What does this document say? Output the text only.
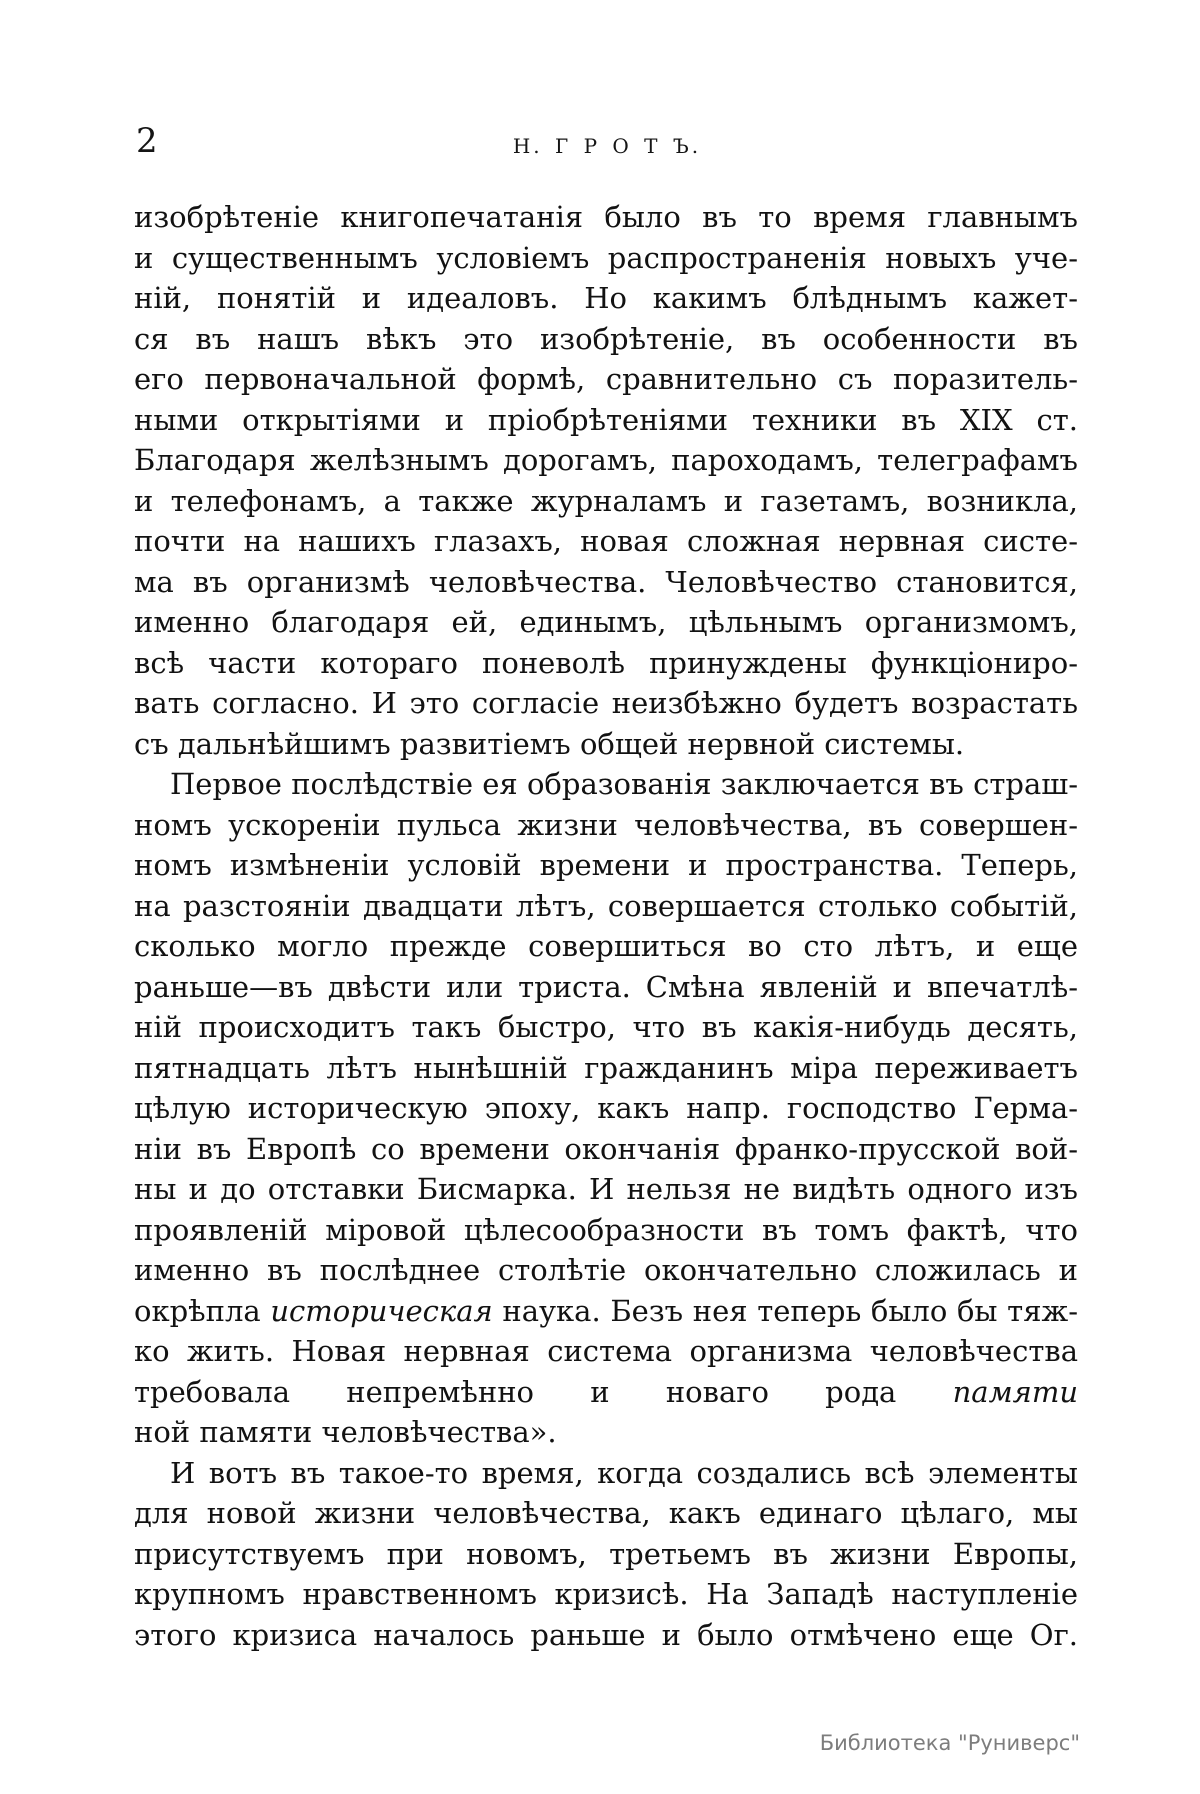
2	Н. Г Р О Т Ъ.
изобрѣтеніе книгопечатанія было въ то время главнымъ
и существеннымъ условіемъ распространенія новыхъ уче-
ній, понятій и идеаловъ. Но какимъ блѣднымъ кажет-
ся въ нашъ вѣкъ это изобрѣтеніе, въ особенности въ
его первоначальной формѣ, сравнительно съ поразитель-
ными открытіями и пріобрѣтеніями техники въ XIX ст.
Благодаря желѣзнымъ дорогамъ, пароходамъ, телеграфамъ
и телефонамъ, а также журналамъ и газетамъ, возникла,
почти на нашихъ глазахъ, новая сложная нервная систе-
ма въ организмѣ человѣчества. Человѣчество становится,
именно благодаря ей, единымъ, цѣльнымъ организмомъ,
всѣ части котораго поневолѣ принуждены функціониро-
вать согласно. И это согласіе неизбѣжно будетъ возрастать
съ дальнѣйшимъ развитіемъ общей нервной системы.
Первое послѣдствіе ея образованія заключается въ страш-
номъ ускореніи пульса жизни человѣчества, въ совершен-
номъ измѣненіи условій времени и пространства. Теперь,
на разстояніи двадцати лѣтъ, совершается столько событій,
сколько могло прежде совершиться во сто лѣтъ, и еще
раньше—въ двѣсти или триста. Смѣна явленій и впечатлѣ-
ній происходитъ такъ быстро, что въ какія-нибудь десять,
пятнадцать лѣтъ нынѣшній гражданинъ міра переживаетъ
цѣлую историческую эпоху, какъ напр. господство Герма-
ніи въ Европѣ со времени окончанія франко-прусской вой-
ны и до отставки Бисмарка. И нельзя не видѣть одного изъ
проявленій міровой цѣлесообразности въ томъ фактѣ, что
именно въ послѣднее столѣтіе окончательно сложилась и
окрѣпла историческая наука. Безъ нея теперь было бы тяж-
ко жить. Новая нервная система организма человѣчества
требовала непремѣнно и новаго рода памяти
ной памяти человѣчества».
И вотъ въ такое-то время, когда создались всѣ элементы
для новой жизни человѣчества, какъ единаго цѣлаго, мы
присутствуемъ при новомъ, третьемъ въ жизни Европы,
крупномъ нравственномъ кризисѣ. На Западѣ наступленіе
этого кризиса началось раньше и было отмѣчено еще Ог.
Библиотека "Руниверс"
